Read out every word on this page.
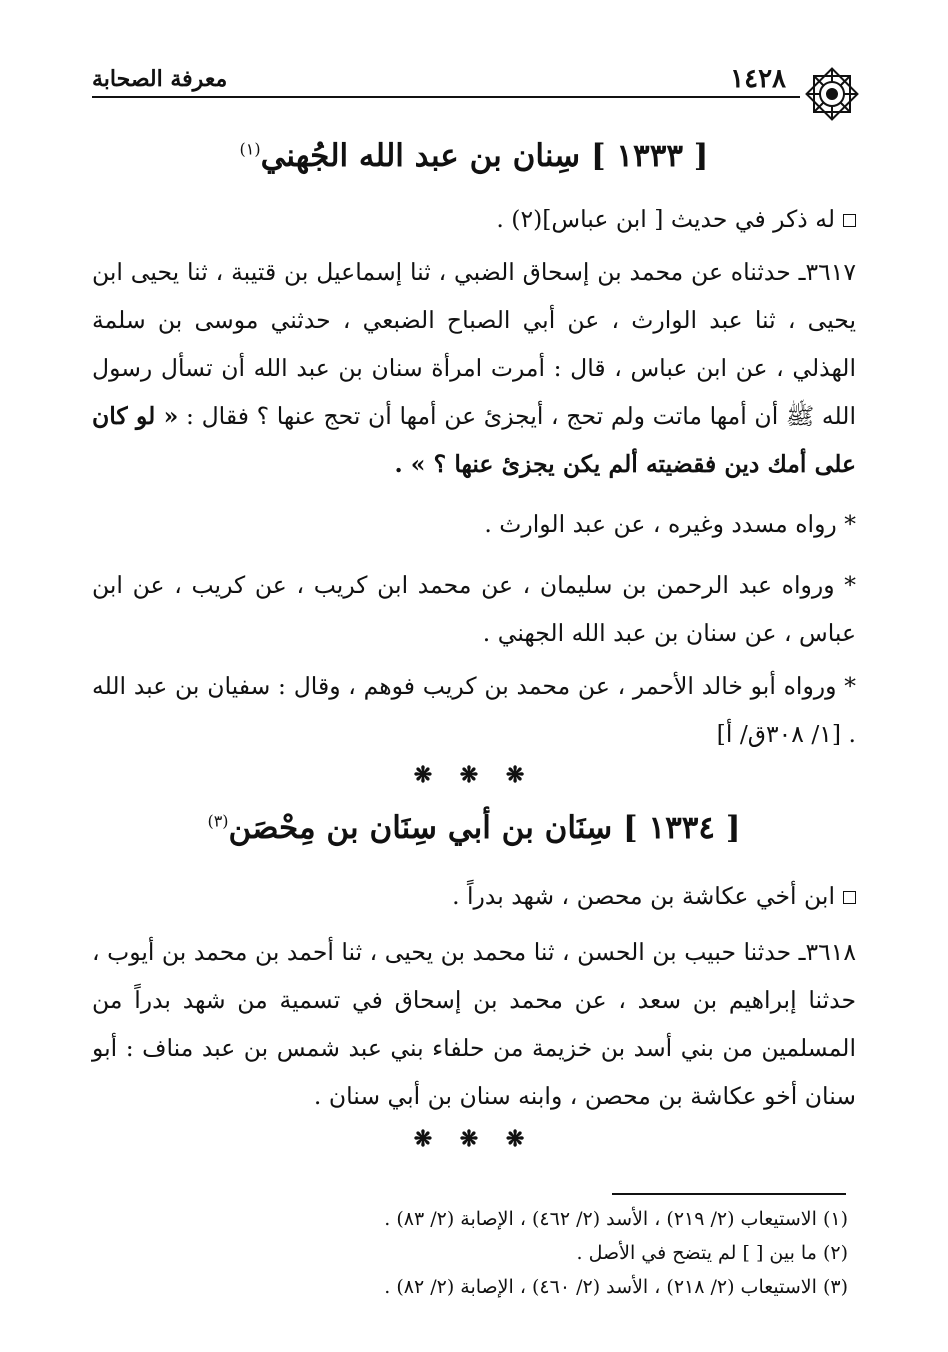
١٤٢٨
معرفة الصحابة
[ ١٣٣٣ ] سِنان بن عبد الله الجُهني$^{(١)}$
له ذكر في حديث [ ابن عباس](٢) .
٣٦١٧ـ حدثناه عن محمد بن إسحاق الضبي ، ثنا إسماعيل بن قتيبة ، ثنا يحيى ابن يحيى ، ثنا عبد الوارث ، عن أبي الصباح الضبعي ، حدثني موسى بن سلمة الهذلي ، عن ابن عباس ، قال : أمرت امرأة سنان بن عبد الله أن تسأل رسول الله ﷺ أن أمها ماتت ولم تحج ، أيجزئ عن أمها أن تحج عنها ؟ فقال : « لو كان على أمك دين فقضيته ألم يكن يجزئ عنها ؟ » .
* رواه مسدد وغيره ، عن عبد الوارث .
* ورواه عبد الرحمن بن سليمان ، عن محمد ابن كريب ، عن كريب ، عن ابن عباس ، عن سنان بن عبد الله الجهني .
* ورواه أبو خالد الأحمر ، عن محمد بن كريب فوهم ، وقال : سفيان بن عبد الله . [١/ ٣٠٨ق/ أ]
❋ ❋ ❋
[ ١٣٣٤ ] سِنَان بن أبي سِنَان بن مِحْصَن$^{(٣)}$
ابن أخي عكاشة بن محصن ، شهد بدراً .
٣٦١٨ـ حدثنا حبيب بن الحسن ، ثنا محمد بن يحيى ، ثنا أحمد بن محمد بن أيوب ، حدثنا إبراهيم بن سعد ، عن محمد بن إسحاق في تسمية من شهد بدراً من المسلمين من بني أسد بن خزيمة من حلفاء بني عبد شمس بن عبد مناف : أبو سنان أخو عكاشة بن محصن ، وابنه سنان بن أبي سنان .
❋ ❋ ❋
(١) الاستيعاب (٢/ ٢١٩) ، الأسد (٢/ ٤٦٢) ، الإصابة (٢/ ٨٣) .
(٢) ما بين [ ] لم يتضح في الأصل .
(٣) الاستيعاب (٢/ ٢١٨) ، الأسد (٢/ ٤٦٠) ، الإصابة (٢/ ٨٢) .
